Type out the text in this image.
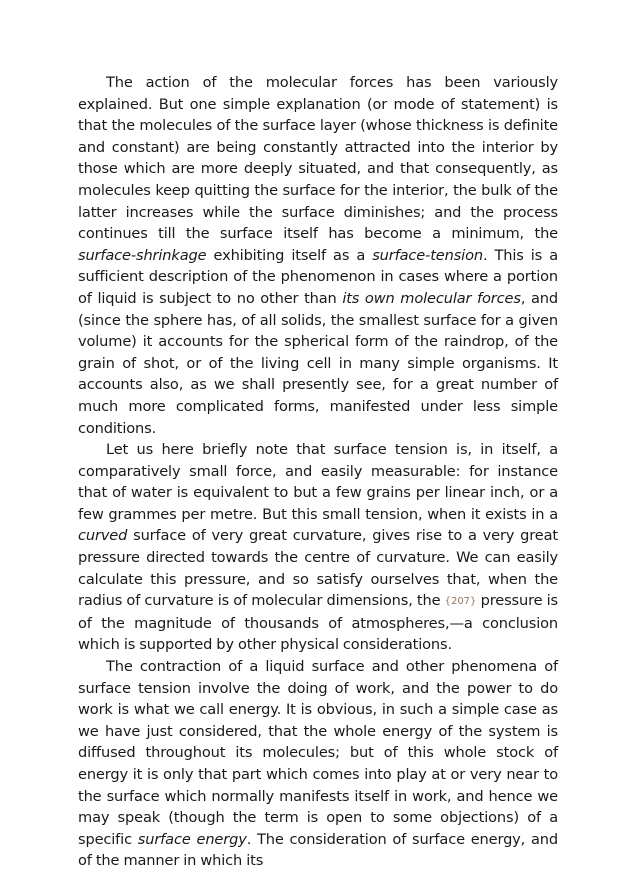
The action of the molecular forces has been variously explained. But one simple explanation (or mode of statement) is that the molecules of the surface layer (whose thickness is definite and constant) are being constantly attracted into the interior by those which are more deeply situated, and that consequently, as molecules keep quitting the surface for the interior, the bulk of the latter increases while the surface diminishes; and the process continues till the surface itself has become a minimum, the surface-shrinkage exhibiting itself as a surface-tension. This is a sufficient description of the phenomenon in cases where a portion of liquid is subject to no other than its own molecular forces, and (since the sphere has, of all solids, the smallest surface for a given volume) it accounts for the spherical form of the raindrop, of the grain of shot, or of the living cell in many simple organisms. It accounts also, as we shall presently see, for a great number of much more complicated forms, manifested under less simple conditions.

Let us here briefly note that surface tension is, in itself, a comparatively small force, and easily measurable: for instance that of water is equivalent to but a few grains per linear inch, or a few grammes per metre. But this small tension, when it exists in a curved surface of very great curvature, gives rise to a very great pressure directed towards the centre of curvature. We can easily calculate this pressure, and so satisfy ourselves that, when the radius of curvature is of molecular dimensions, the {207} pressure is of the magnitude of thousands of atmospheres,—a conclusion which is supported by other physical considerations.

The contraction of a liquid surface and other phenomena of surface tension involve the doing of work, and the power to do work is what we call energy. It is obvious, in such a simple case as we have just considered, that the whole energy of the system is diffused throughout its molecules; but of this whole stock of energy it is only that part which comes into play at or very near to the surface which normally manifests itself in work, and hence we may speak (though the term is open to some objections) of a specific surface energy. The consideration of surface energy, and of the manner in which its
